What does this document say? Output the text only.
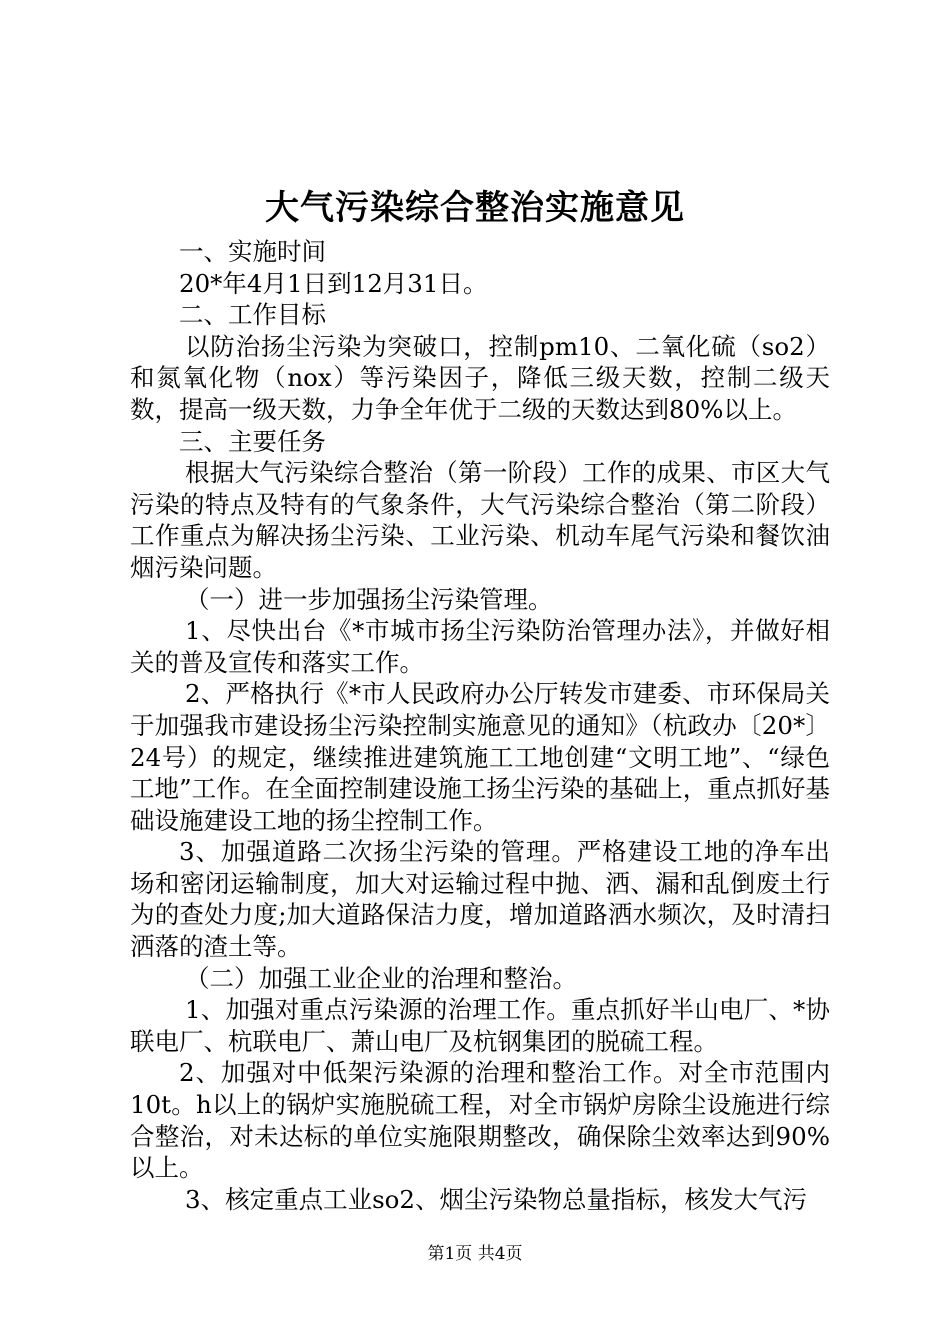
大气污染综合整治实施意见

一、实施时间

20*年4月1日到12月31日。

二、工作目标

以防治扬尘污染为突破口，控制pm10、二氧化硫（so2）和氮氧化物（nox）等污染因子，降低三级天数，控制二级天数，提高一级天数，力争全年优于二级的天数达到80%以上。

三、主要任务

根据大气污染综合整治（第一阶段）工作的成果、市区大气污染的特点及特有的气象条件，大气污染综合整治（第二阶段）工作重点为解决扬尘污染、工业污染、机动车尾气污染和餐饮油烟污染问题。

（一）进一步加强扬尘污染管理。

1、尽快出台《*市城市扬尘污染防治管理办法》，并做好相关的普及宣传和落实工作。

2、严格执行《*市人民政府办公厅转发市建委、市环保局关于加强我市建设扬尘污染控制实施意见的通知》（杭政办〔20*〕24号）的规定，继续推进建筑施工工地创建“文明工地”、“绿色工地”工作。在全面控制建设施工扬尘污染的基础上，重点抓好基础设施建设工地的扬尘控制工作。

3、加强道路二次扬尘污染的管理。严格建设工地的净车出场和密闭运输制度，加大对运输过程中抛、洒、漏和乱倒废土行为的查处力度;加大道路保洁力度，增加道路洒水频次，及时清扫洒落的渣土等。

（二）加强工业企业的治理和整治。

1、加强对重点污染源的治理工作。重点抓好半山电厂、*协联电厂、杭联电厂、萧山电厂及杭钢集团的脱硫工程。

2、加强对中低架污染源的治理和整治工作。对全市范围内10t。h以上的锅炉实施脱硫工程，对全市锅炉房除尘设施进行综合整治，对未达标的单位实施限期整改，确保除尘效率达到90%以上。

3、核定重点工业so2、烟尘污染物总量指标，核发大气污

第1页 共4页
